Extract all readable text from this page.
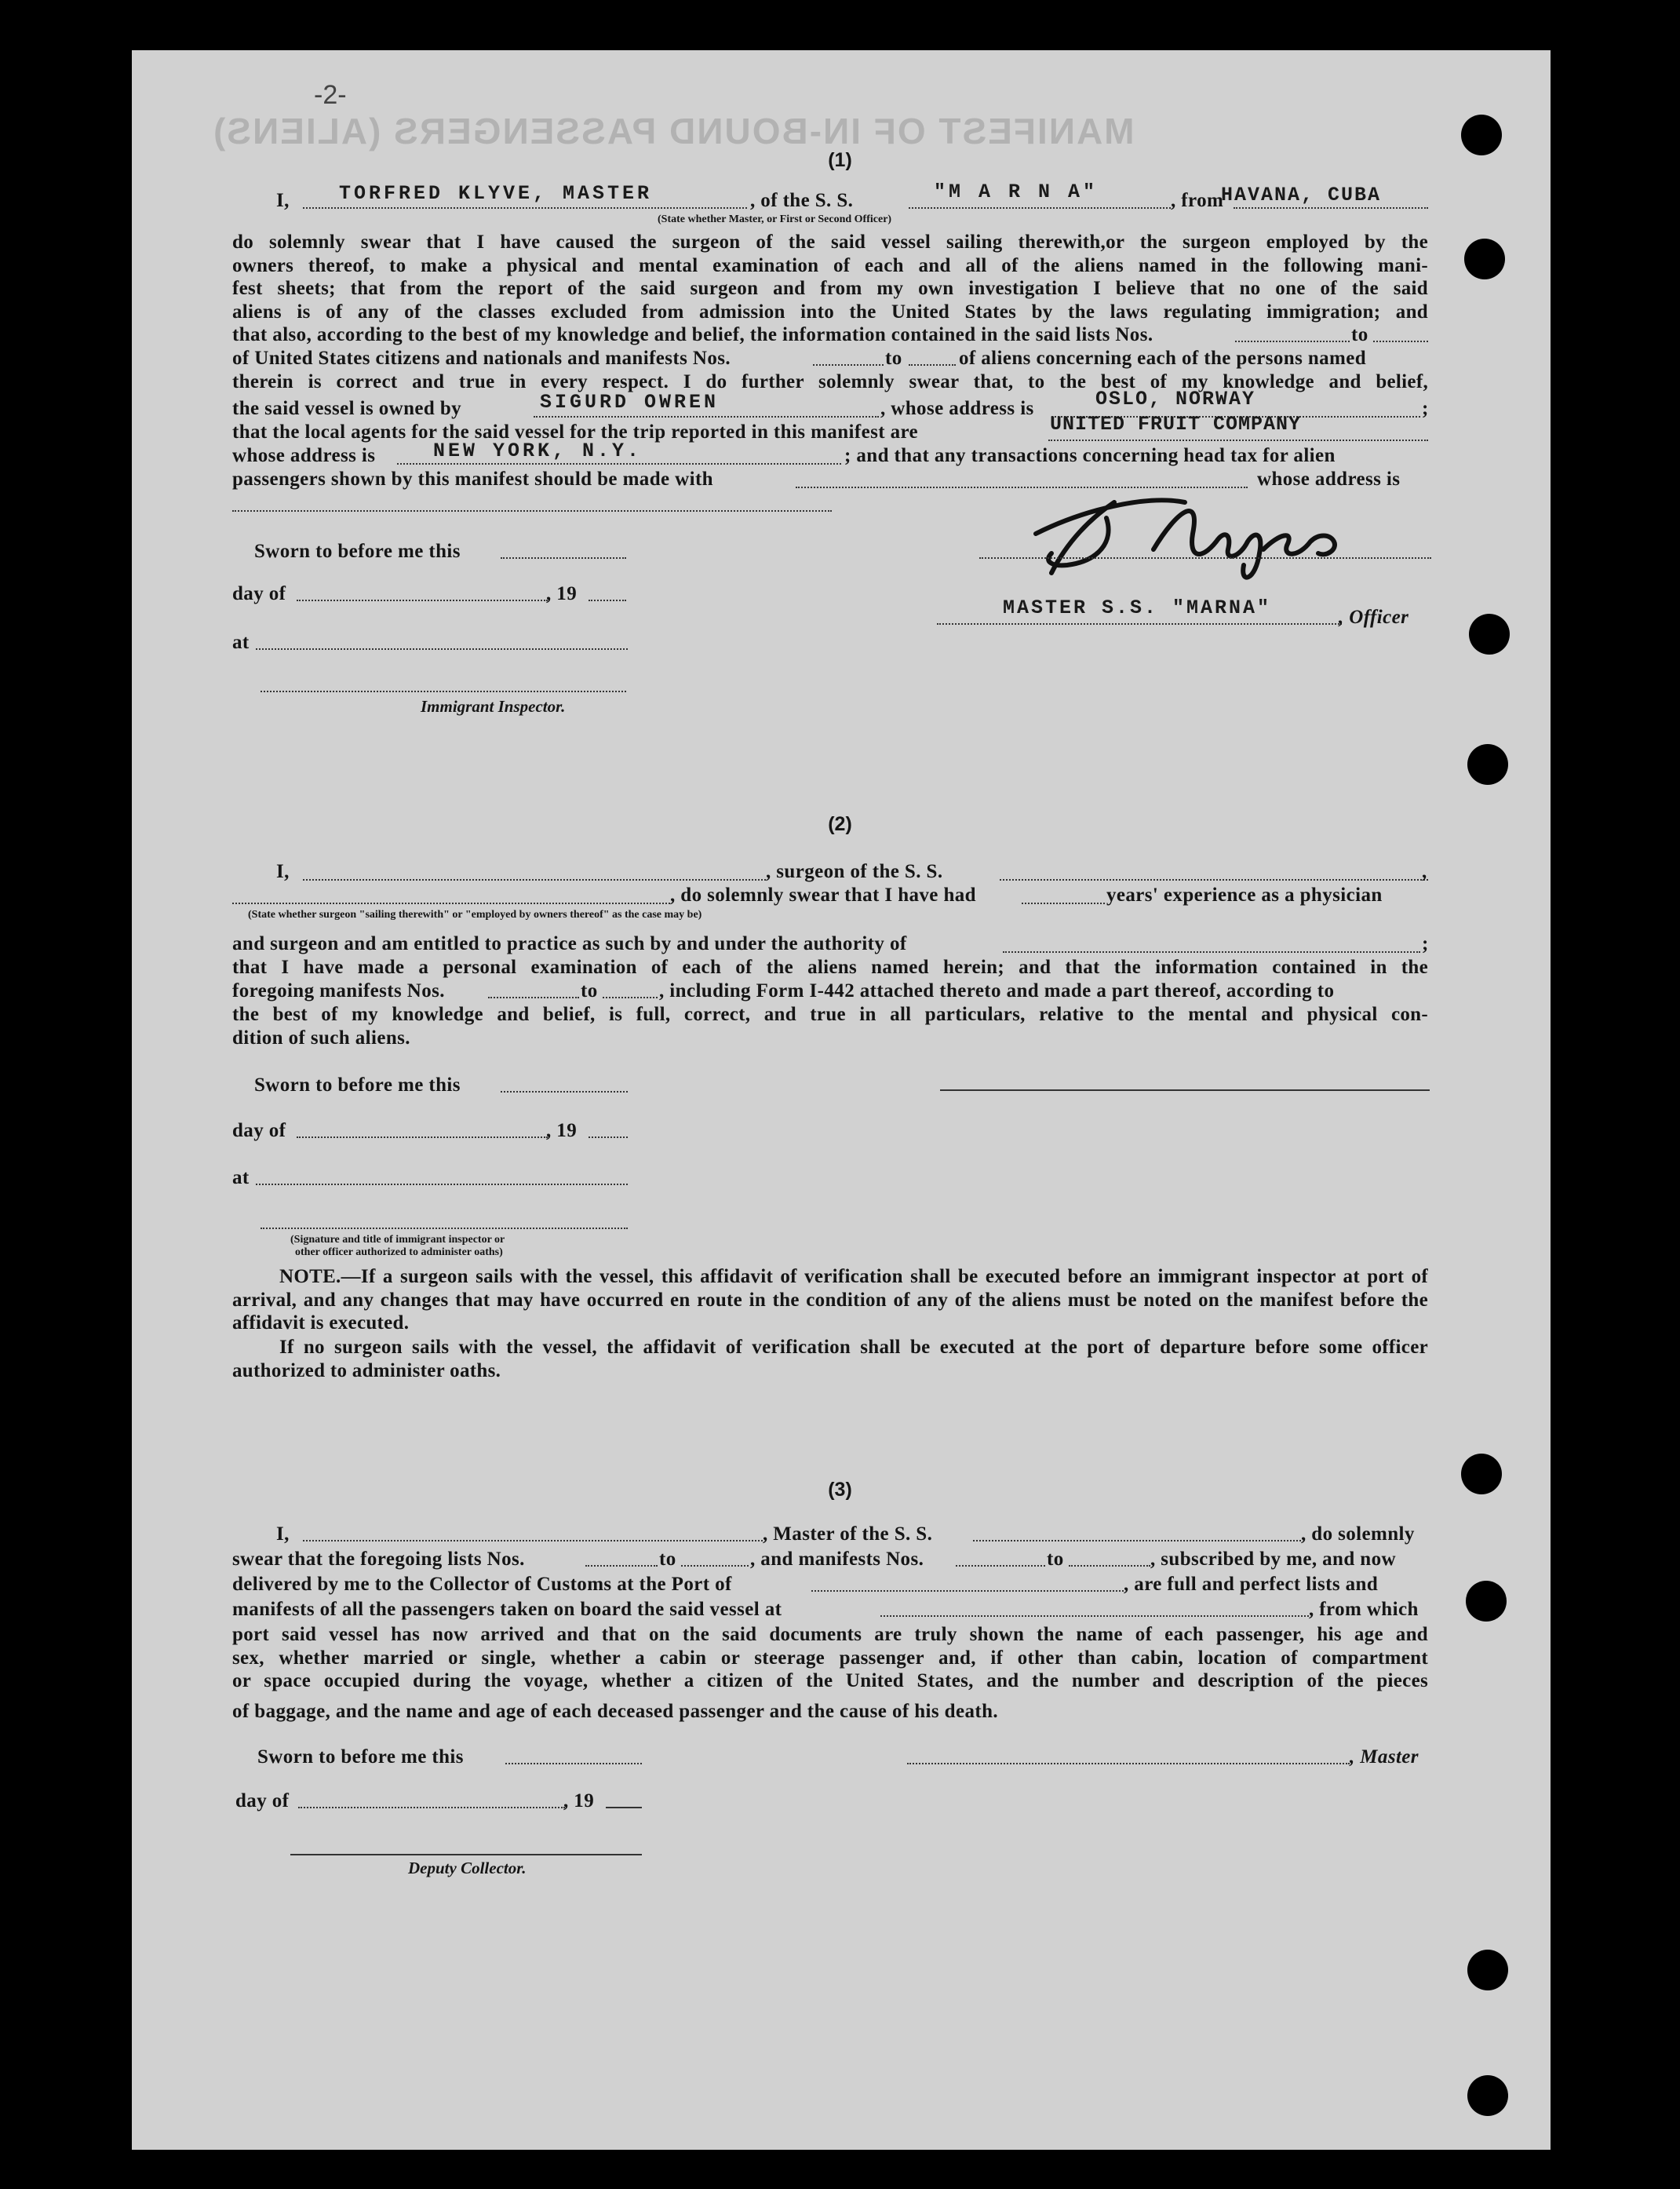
MANIFEST OF IN-BOUND PASSENGERS (ALIENS)
-2-
(1)
I,	TORFRED KLYVE, MASTER	, of the S. S.	"M A R N A"	, from
HAVANA, CUBA
(State whether Master, or First or Second Officer)
do solemnly swear that I have caused the surgeon of the said vessel sailing therewith,or the surgeon employed by the
owners thereof, to make a physical and mental examination of each and all of the aliens named in the following mani-
fest sheets; that from the report of the said surgeon and from my own investigation I believe that no one of the said
aliens is of any of the classes excluded from admission into the United States by the laws regulating immigration; and
that also, according to the best of my knowledge and belief, the information contained in the said lists Nos.	to
of United States citizens and nationals and manifests Nos.	to	of aliens concerning each of the persons named
therein is correct and true in every respect. I do further solemnly swear that, to the best of my knowledge and belief,
the said vessel is owned by	SIGURD OWREN	, whose address is	OSLO, NORWAY	;
that the local agents for the said vessel for the trip reported in this manifest are	UNITED FRUIT COMPANY
whose address is	NEW YORK, N.Y.	; and that any transactions concerning head tax for alien
passengers shown by this manifest should be made with	whose address is
Sworn to before me this
day of	, 19
at
Immigrant Inspector.
MASTER S.S. "MARNA"	, Officer
(2)
I,	, surgeon of the S. S.	,
, do solemnly swear that I have had	years' experience as a physician
(State whether surgeon "sailing therewith" or "employed by owners thereof" as the case may be)
and surgeon and am entitled to practice as such by and under the authority of	;
that I have made a personal examination of each of the aliens named herein; and that the information contained in the
foregoing manifests Nos.	to	, including Form I-442 attached thereto and made a part thereof, according to
the best of my knowledge and belief, is full, correct, and true in all particulars, relative to the mental and physical con-
dition of such aliens.
Sworn to before me this
day of	, 19
at
(Signature and title of immigrant inspector or
other officer authorized to administer oaths)
NOTE.—If a surgeon sails with the vessel, this affidavit of verification shall be executed before an immigrant inspector at port of arrival, and any changes that may have occurred en route in the condition of any of the aliens must be noted on the manifest before the affidavit is executed.
If no surgeon sails with the vessel, the affidavit of verification shall be executed at the port of departure before some officer authorized to administer oaths.
(3)
I,	, Master of the S. S.	, do solemnly
swear that the foregoing lists Nos.	to	, and manifests Nos.	to	, subscribed by me, and now
delivered by me to the Collector of Customs at the Port of	, are full and perfect lists and
manifests of all the passengers taken on board the said vessel at	, from which
port said vessel has now arrived and that on the said documents are truly shown the name of each passenger, his age and
sex, whether married or single, whether a cabin or steerage passenger and, if other than cabin, location of compartment
or space occupied during the voyage, whether a citizen of the United States, and the number and description of the pieces
of baggage, and the name and age of each deceased passenger and the cause of his death.
Sworn to before me this	, Master
day of	, 19
Deputy Collector.
